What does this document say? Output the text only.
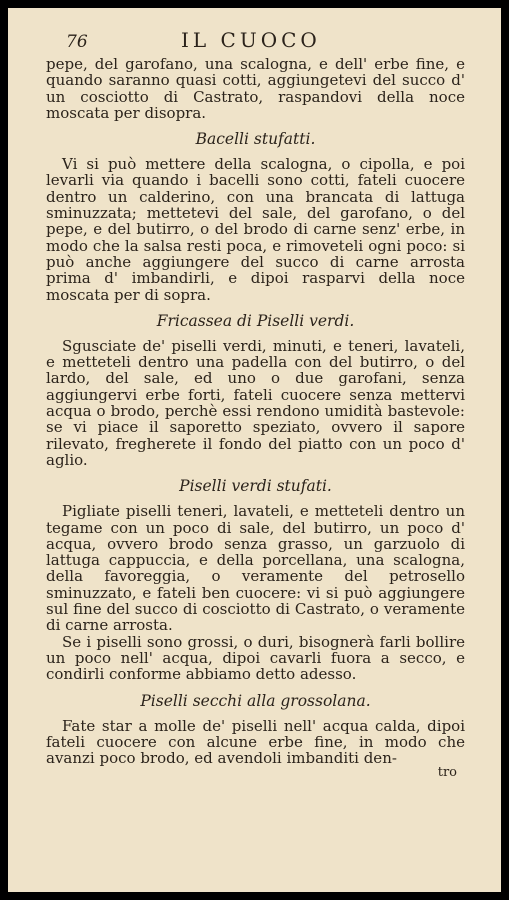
76	IL CUOCO

pepe, del garofano, una scalogna, e dell' erbe fine, e quando saranno quasi cotti, aggiungetevi del succo d' un cosciotto di Castrato, raspandovi della noce moscata per disopra.

Bacelli stufatti.

Vi si può mettere della scalogna, o cipolla, e poi levarli via quando i bacelli sono cotti, fateli cuocere dentro un calderino, con una brancata di lattuga sminuzzata; mettetevi del sale, del garofano, o del pepe, e del butirro, o del brodo di carne senz' erbe, in modo che la salsa resti poca, e rimoveteli ogni poco: si può anche aggiungere del succo di carne arrosta prima d' imbandirli, e dipoi rasparvi della noce moscata per di sopra.

Fricassea di Piselli verdi.

Sgusciate de' piselli verdi, minuti, e teneri, lavateli, e metteteli dentro una padella con del butirro, o del lardo, del sale, ed uno o due garofani, senza aggiungervi erbe forti, fateli cuocere senza mettervi acqua o brodo, perchè essi rendono umidità bastevole: se vi piace il saporetto speziato, ovvero il sapore rilevato, fregherete il fondo del piatto con un poco d' aglio.

Piselli verdi stufati.

Pigliate piselli teneri, lavateli, e metteteli dentro un tegame con un poco di sale, del butirro, un poco d' acqua, ovvero brodo senza grasso, un garzuolo di lattuga cappuccia, e della porcellana, una scalogna, della favoreggia, o veramente del petrosello sminuzzato, e fateli ben cuocere: vi si può aggiungere sul fine del succo di cosciotto di Castrato, o veramente di carne arrosta.

Se i piselli sono grossi, o duri, bisognerà farli bollire un poco nell' acqua, dipoi cavarli fuora a secco, e condirli conforme abbiamo detto adesso.

Piselli secchi alla grossolana.

Fate star a molle de' piselli nell' acqua calda, dipoi fateli cuocere con alcune erbe fine, in modo che avanzi poco brodo, ed avendoli imbanditi den-

tro
